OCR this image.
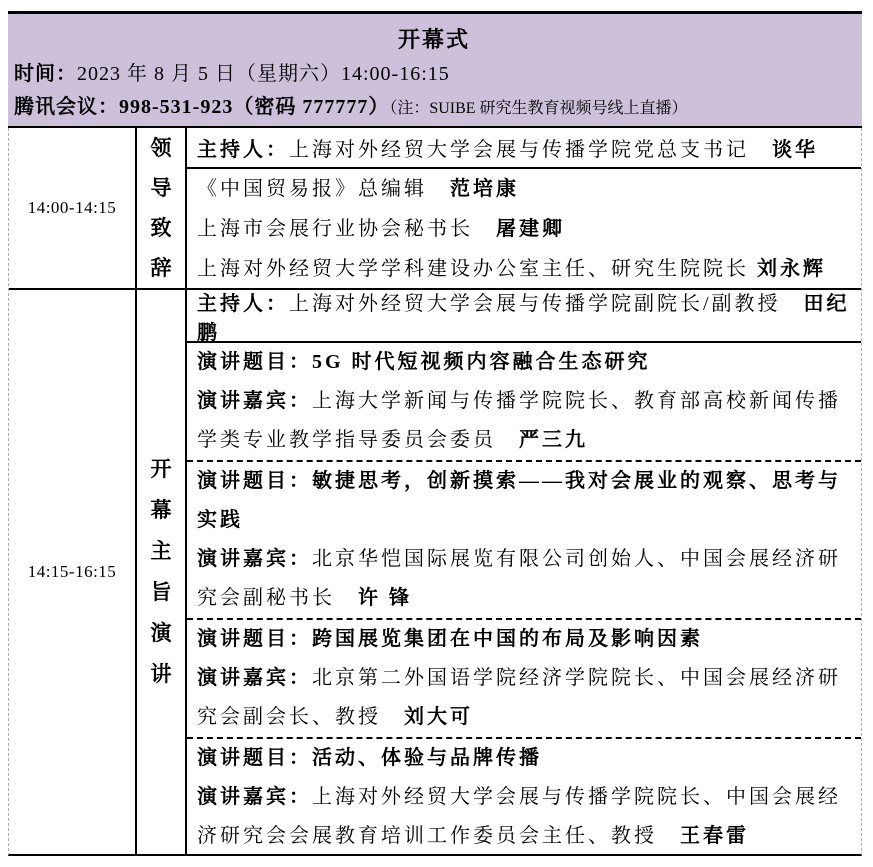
开幕式
时间：2023 年 8 月 5 日（星期六）14:00-16:15
腾讯会议：998-531-923（密码 777777）（注：SUIBE 研究生教育视频号线上直播）
14:00-14:15
领
导
致
辞

主持人：上海对外经贸大学会展与传播学院党总支书记　谈华

《中国贸易报》总编辑　范培康

上海市会展行业协会秘书长　屠建卿

上海对外经贸大学学科建设办公室主任、研究生院院长 刘永辉

14:15-16:15
开
幕
主
旨
演
讲

主持人：上海对外经贸大学会展与传播学院副院长/副教授　田纪鹏

演讲题目：5G 时代短视频内容融合生态研究

演讲嘉宾：上海大学新闻与传播学院院长、教育部高校新闻传播学类专业教学指导委员会委员　严三九

演讲题目：敏捷思考，创新摸索——我对会展业的观察、思考与实践

演讲嘉宾：北京华恺国际展览有限公司创始人、中国会展经济研究会副秘书长　许 锋

演讲题目：跨国展览集团在中国的布局及影响因素

演讲嘉宾：北京第二外国语学院经济学院院长、中国会展经济研究会副会长、教授　刘大可

演讲题目：活动、体验与品牌传播

演讲嘉宾：上海对外经贸大学会展与传播学院院长、中国会展经济研究会会展教育培训工作委员会主任、教授　王春雷
